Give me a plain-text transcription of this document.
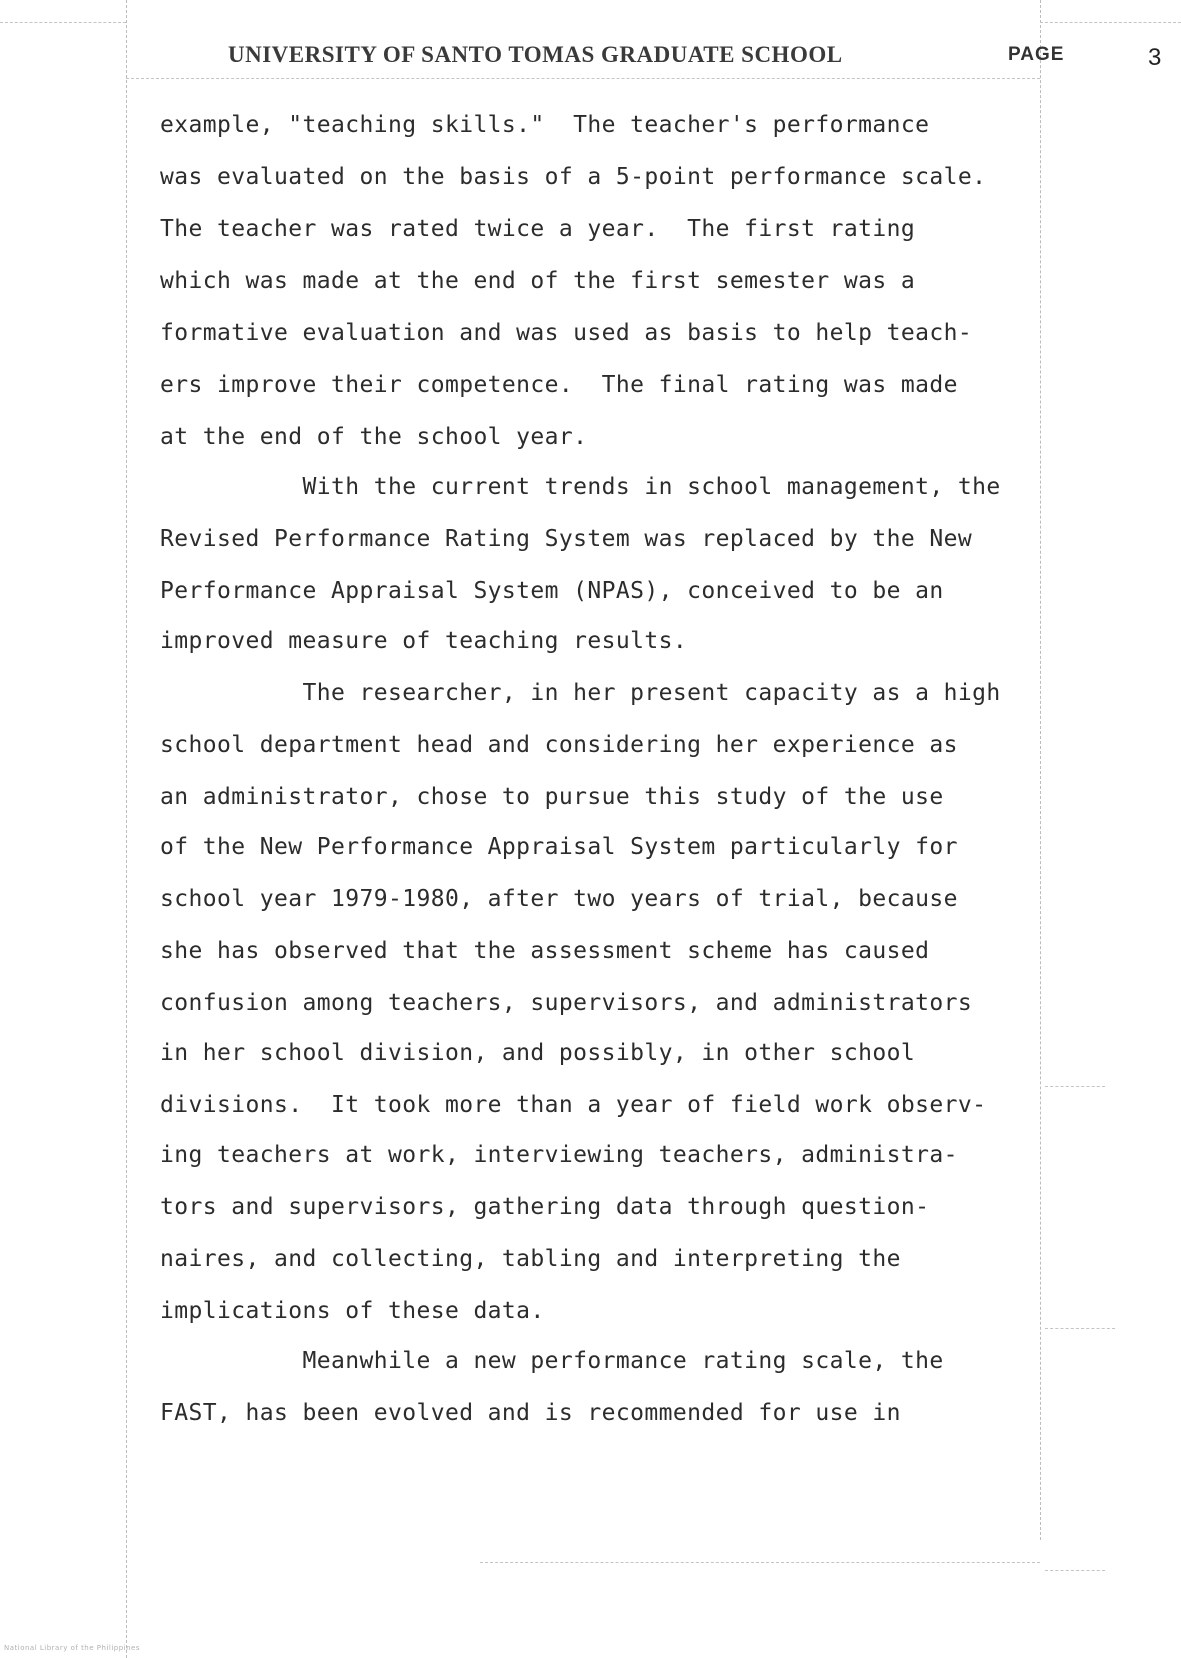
UNIVERSITY OF SANTO TOMAS GRADUATE SCHOOL	PAGE	3
example, "teaching skills."  The teacher's performance
was evaluated on the basis of a 5-point performance scale.
The teacher was rated twice a year.  The first rating
which was made at the end of the first semester was a
formative evaluation and was used as basis to help teach-
ers improve their competence.  The final rating was made
at the end of the school year.
With the current trends in school management, the
Revised Performance Rating System was replaced by the New
Performance Appraisal System (NPAS), conceived to be an
improved measure of teaching results.
The researcher, in her present capacity as a high
school department head and considering her experience as
an administrator, chose to pursue this study of the use
of the New Performance Appraisal System particularly for
school year 1979-1980, after two years of trial, because
she has observed that the assessment scheme has caused
confusion among teachers, supervisors, and administrators
in her school division, and possibly, in other school
divisions.  It took more than a year of field work observ-
ing teachers at work, interviewing teachers, administra-
tors and supervisors, gathering data through question-
naires, and collecting, tabling and interpreting the
implications of these data.
Meanwhile a new performance rating scale, the
FAST, has been evolved and is recommended for use in
National Library of the Philippines
